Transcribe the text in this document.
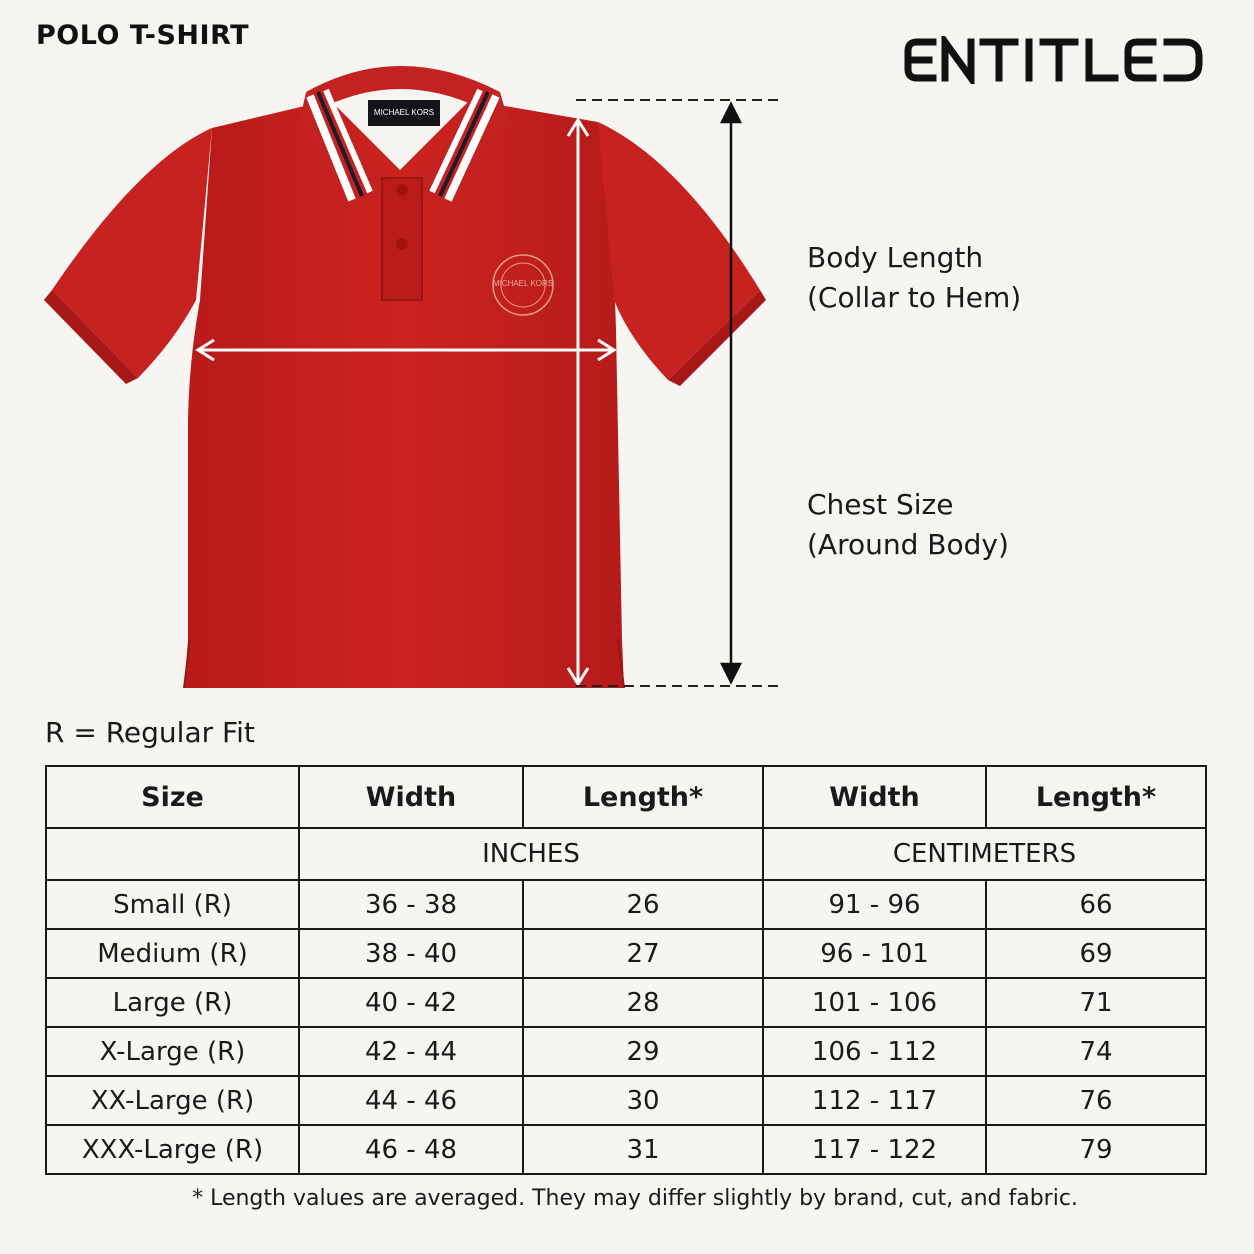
POLO T-SHIRT
MICHAEL KORS
MICHAEL KORS
Body Length
(Collar to Hem)
Chest Size
(Around Body)
R = Regular Fit
Size	Width	Length*	Width	Length*
	INCHES		CENTIMETERS	
Small (R)	36 - 38	26	91 - 96	66
Medium (R)	38 - 40	27	96 - 101	69
Large (R)	40 - 42	28	101 - 106	71
X-Large (R)	42 - 44	29	106 - 112	74
XX-Large (R)	44 - 46	30	112 - 117	76
XXX-Large (R)	46 - 48	31	117 - 122	79
* Length values are averaged. They may differ slightly by brand, cut, and fabric.
